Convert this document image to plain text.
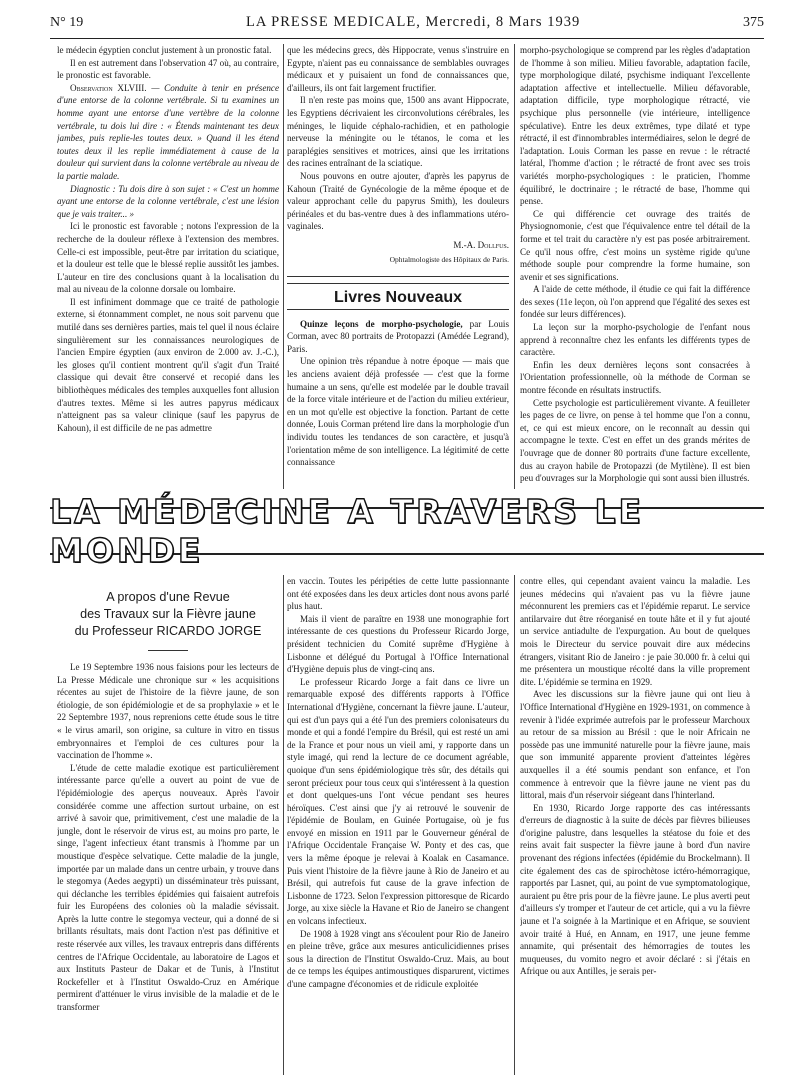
N° 19	LA PRESSE MEDICALE, Mercredi, 8 Mars 1939	375

le médecin égyptien conclut justement à un pronostic fatal.

Il en est autrement dans l'observation 47 où, au contraire, le pronostic est favorable.

Observation XLVIII. — Conduite à tenir en présence d'une entorse de la colonne vertébrale. Si tu examines un homme ayant une entorse d'une vertèbre de la colonne vertébrale, tu dois lui dire : « Étends maintenant tes deux jambes, puis replie-les toutes deux. » Quand il les étend toutes deux il les replie immédiatement à cause de la douleur qui survient dans la colonne vertébrale au niveau de la partie malade.

Diagnostic : Tu dois dire à son sujet : « C'est un homme ayant une entorse de la colonne vertébrale, c'est une lésion que je vais traiter... »

Ici le pronostic est favorable ; notons l'expression de la recherche de la douleur réflexe à l'extension des membres. Celle-ci est impossible, peut-être par irritation du sciatique, et la douleur est telle que le blessé replie aussitôt les jambes. L'auteur en tire des conclusions quant à la localisation du mal au niveau de la colonne dorsale ou lombaire.

Il est infiniment dommage que ce traité de pathologie externe, si étonnamment complet, ne nous soit parvenu que mutilé dans ses dernières parties, mais tel quel il nous éclaire singulièrement sur les connaissances neurologiques de l'ancien Empire égyptien (aux environ de 2.000 av. J.-C.), les gloses qu'il contient montrent qu'il s'agit d'un Traité classique qui devait être conservé et recopié dans les bibliothèques médicales des temples auxquelles font allusion d'autres textes. Même si les autres papyrus médicaux n'atteignent pas sa valeur clinique (sauf les papyrus de Kahoun), il est difficile de ne pas admettre

que les médecins grecs, dès Hippocrate, venus s'instruire en Egypte, n'aient pas eu connaissance de semblables ouvrages médicaux et y puisaient un fond de connaissances que, d'ailleurs, ils ont fait largement fructifier.

Il n'en reste pas moins que, 1500 ans avant Hippocrate, les Egyptiens décrivaient les circonvolutions cérébrales, les méninges, le liquide céphalo-rachidien, et en pathologie nerveuse la méningite ou le tétanos, le coma et les paraplégies sensitives et motrices, ainsi que les irritations des racines entraînant de la sciatique.

Nous pouvons en outre ajouter, d'après les papyrus de Kahoun (Traité de Gynécologie de la même époque et de valeur approchant celle du papyrus Smith), les douleurs périnéales et du bas-ventre dues à des inflammations utéro-vaginales.

M.-A. Dollfus.
Ophtalmologiste des Hôpitaux de Paris.
Livres Nouveaux

Quinze leçons de morpho-psychologie, par Louis Corman, avec 80 portraits de Protopazzi (Amédée Legrand), Paris.

Une opinion très répandue à notre époque — mais que les anciens avaient déjà professée — c'est que la forme humaine a un sens, qu'elle est modelée par le double travail de la force vitale intérieure et de l'action du milieu extérieur, en un mot qu'elle est objective la fonction. Partant de cette donnée, Louis Corman prétend lire dans la morphologie d'un individu toutes les tendances de son caractère, et jusqu'à l'orientation même de son intelligence. La légitimité de cette connaissance

morpho-psychologique se comprend par les règles d'adaptation de l'homme à son milieu. Milieu favorable, adaptation facile, type morphologique dilaté, psychisme indiquant l'excellente adaptation affective et intellectuelle. Milieu défavorable, adaptation difficile, type morphologique rétracté, vie psychique plus personnelle (vie intérieure, intelligence spéculative). Entre les deux extrêmes, type dilaté et type rétracté, il est d'innombrables intermédiaires, selon le degré de l'adaptation. Louis Corman les passe en revue : le rétracté latéral, l'homme d'action ; le rétracté de front avec ses trois variétés morpho-psychologiques : le praticien, l'homme équilibré, le doctrinaire ; le rétracté de base, l'homme qui pense.

Ce qui différencie cet ouvrage des traités de Physiognomonie, c'est que l'équivalence entre tel détail de la forme et tel trait du caractère n'y est pas posée arbitrairement. Ce qu'il nous offre, c'est moins un système rigide qu'une méthode souple pour comprendre la forme humaine, son avenir et ses significations.

A l'aide de cette méthode, il étudie ce qui fait la différence des sexes (11e leçon, où l'on apprend que l'égalité des sexes est fondée sur leurs différences).

La leçon sur la morpho-psychologie de l'enfant nous apprend à reconnaître chez les enfants les différents types de caractère.

Enfin les deux dernières leçons sont consacrées à l'Orientation professionnelle, où la méthode de Corman se montre féconde en résultats instructifs.

Cette psychologie est particulièrement vivante. A feuilleter les pages de ce livre, on pense à tel homme que l'on a connu, et, ce qui est mieux encore, on le reconnaît au dessin qui accompagne le texte. C'est en effet un des grands mérites de l'ouvrage que de donner 80 portraits d'une facture excellente, dus au crayon habile de Protopazzi (de Mytilène). Il est bien peu d'ouvrages sur la Morphologie qui sont aussi bien illustrés.

LA MÉDECINE A TRAVERS LE MONDE
A propos d'une Revue
des Travaux sur la Fièvre jaune
du Professeur RICARDO JORGE

Le 19 Septembre 1936 nous faisions pour les lecteurs de La Presse Médicale une chronique sur « les acquisitions récentes au sujet de l'histoire de la fièvre jaune, de son étiologie, de son épidémiologie et de sa prophylaxie » et le 22 Septembre 1937, nous reprenions cette étude sous le titre « le virus amaril, son origine, sa culture in vitro en tissus embryonnaires et l'emploi de ces cultures pour la vaccination de l'homme ».

L'étude de cette maladie exotique est particulièrement intéressante parce qu'elle a ouvert au point de vue de l'épidémiologie des aperçus nouveaux. Après l'avoir considérée comme une affection surtout urbaine, on est arrivé à savoir que, primitivement, c'est une maladie de la jungle, dont le réservoir de virus est, au moins pro parte, le singe, l'agent infectieux étant transmis à l'homme par un moustique d'espèce selvatique. Cette maladie de la jungle, importée par un malade dans un centre urbain, y trouve dans le stegomya (Aedes aegypti) un disséminateur très puissant, qui déclanche les terribles épidémies qui faisaient autrefois fuir les Européens des colonies où la maladie sévissait. Après la lutte contre le stegomya vecteur, qui a donné de si brillants résultats, mais dont l'action n'est pas définitive et reste réservée aux villes, les travaux entrepris dans différents centres de l'Afrique Occidentale, au laboratoire de Lagos et aux Instituts Pasteur de Dakar et de Tunis, à l'Institut Rockefeller et à l'Institut Oswaldo-Cruz en Amérique permirent d'atténuer le virus invisible de la maladie et de le transformer

en vaccin. Toutes les péripéties de cette lutte passionnante ont été exposées dans les deux articles dont nous avons parlé plus haut.

Mais il vient de paraître en 1938 une monographie fort intéressante de ces questions du Professeur Ricardo Jorge, président technicien du Comité suprême d'Hygiène à Lisbonne et délégué du Portugal à l'Office International d'Hygiène depuis plus de vingt-cinq ans.

Le professeur Ricardo Jorge a fait dans ce livre un remarquable exposé des différents rapports à l'Office International d'Hygiène, concernant la fièvre jaune. L'auteur, qui est d'un pays qui a été l'un des premiers colonisateurs du monde et qui a fondé l'empire du Brésil, qui est resté un ami de la France et pour nous un vieil ami, y rapporte dans un style imagé, qui rend la lecture de ce document agréable, quoique d'un sens épidémiologique très sûr, des détails qui seront précieux pour tous ceux qui s'intéressent à la question et dont quelques-uns l'ont vécue pendant ses heures héroïques. C'est ainsi que j'y ai retrouvé le souvenir de l'épidémie de Boulam, en Guinée Portugaise, où je fus envoyé en mission en 1911 par le Gouverneur général de l'Afrique Occidentale Française W. Ponty et des cas, que vers la même époque je relevai à Koalak en Casamance. Puis vient l'histoire de la fièvre jaune à Rio de Janeiro et au Brésil, qui autrefois fut cause de la grave infection de Lisbonne de 1723. Selon l'expression pittoresque de Ricardo Jorge, au xixe siècle la Havane et Rio de Janeiro se changent en volcans infectieux.

De 1908 à 1928 vingt ans s'écoulent pour Rio de Janeiro en pleine trêve, grâce aux mesures anticulicidiennes prises sous la direction de l'Institut Oswaldo-Cruz. Mais, au bout de ce temps les équipes antimoustiques disparurent, victimes d'une campagne d'économies et de ridicule exploitée

contre elles, qui cependant avaient vaincu la maladie. Les jeunes médecins qui n'avaient pas vu la fièvre jaune méconnurent les premiers cas et l'épidémie reparut. Le service antilarvaire dut être réorganisé en toute hâte et il y fut ajouté un service antiadulte de l'expurgation. Au bout de quelques mois le Directeur du service pouvait dire aux médecins étrangers, visitant Rio de Janeiro : je paie 30.000 fr. à celui qui me présentera un moustique récolté dans la ville proprement dite. L'épidémie se termina en 1929.

Avec les discussions sur la fièvre jaune qui ont lieu à l'Office International d'Hygiène en 1929-1931, on commence à revenir à l'idée exprimée autrefois par le professeur Marchoux au retour de sa mission au Brésil : que le noir Africain ne possède pas une immunité naturelle pour la fièvre jaune, mais que son immunité apparente provient d'atteintes légères auxquelles il a été soumis pendant son enfance, et l'on commence à entrevoir que la fièvre jaune ne vient pas du littoral, mais d'un réservoir siégeant dans l'hinterland.

En 1930, Ricardo Jorge rapporte des cas intéressants d'erreurs de diagnostic à la suite de décès par fièvres bilieuses d'origine palustre, dans lesquelles la stéatose du foie et des reins avait fait suspecter la fièvre jaune à bord d'un navire provenant des régions infectées (épidémie du Brockelmann). Il cite également des cas de spirochètose ictéro-hémorragique, rapportés par Lasnet, qui, au point de vue symptomatologique, auraient pu être pris pour de la fièvre jaune. Le plus averti peut d'ailleurs s'y tromper et l'auteur de cet article, qui a vu la fièvre jaune et l'a soignée à la Martinique et en Afrique, se souvient avoir traité à Hué, en Annam, en 1917, une jeune femme annamite, qui présentait des hémorragies de toutes les muqueuses, du vomito negro et avoir déclaré : si j'étais en Afrique ou aux Antilles, je serais per-
